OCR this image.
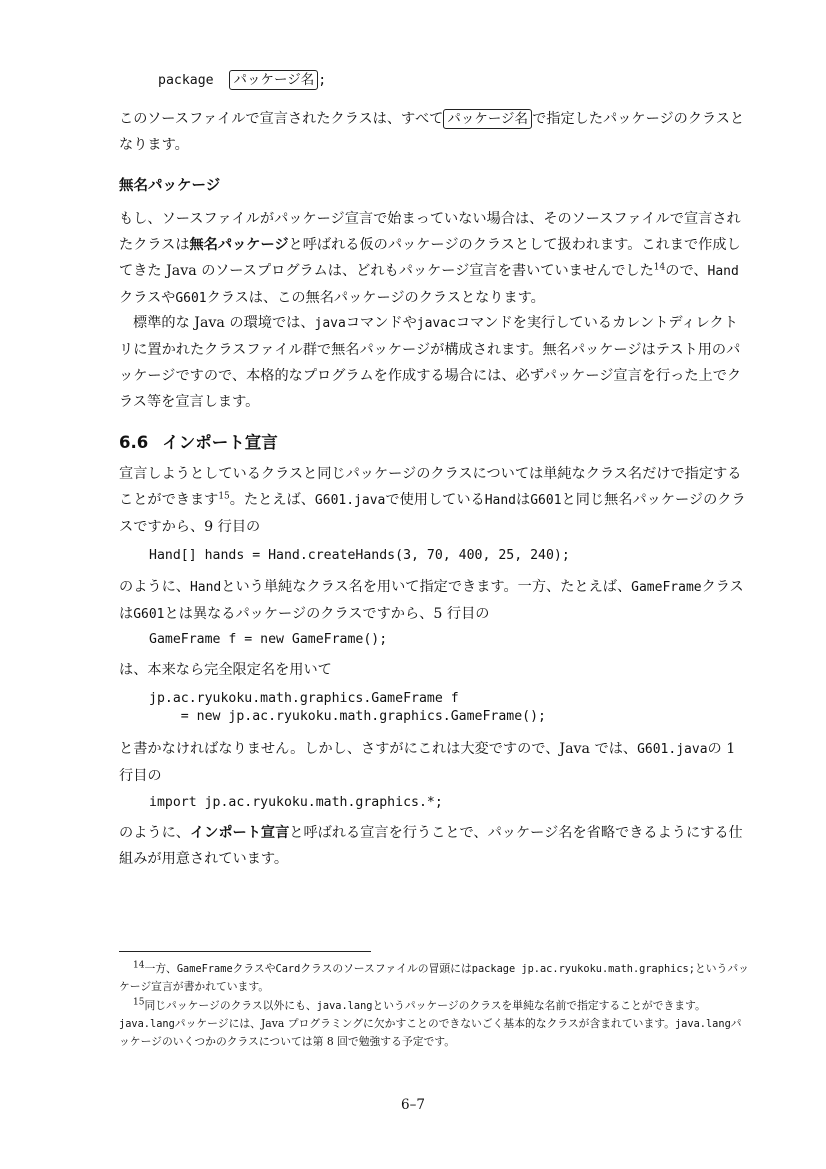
package パッケージ名 ;

このソースファイルで宣言されたクラスは、すべて パッケージ名 で指定したパッケージのクラスとなります。

無名パッケージ

もし、ソースファイルがパッケージ宣言で始まっていない場合は、そのソースファイルで宣言されたクラスは無名パッケージと呼ばれる仮のパッケージのクラスとして扱われます。これまで作成してきた Java のソースプログラムは、どれもパッケージ宣言を書いていませんでした$^{14}$ので、HandクラスやG601クラスは、この無名パッケージのクラスとなります。

標準的な Java の環境では、javaコマンドやjavacコマンドを実行しているカレントディレクトリに置かれたクラスファイル群で無名パッケージが構成されます。無名パッケージはテスト用のパッケージですので、本格的なプログラムを作成する場合には、必ずパッケージ宣言を行った上でクラス等を宣言します。

6.6 インポート宣言

宣言しようとしているクラスと同じパッケージのクラスについては単純なクラス名だけで指定することができます$^{15}$。たとえば、G601.javaで使用しているHandはG601と同じ無名パッケージのクラスですから、9 行目の

Hand[] hands = Hand.createHands(3, 70, 400, 25, 240);

のように、Handという単純なクラス名を用いて指定できます。一方、たとえば、GameFrameクラスはG601とは異なるパッケージのクラスですから、5 行目の

GameFrame f = new GameFrame();

は、本来なら完全限定名を用いて

jp.ac.ryukoku.math.graphics.GameFrame f

= new jp.ac.ryukoku.math.graphics.GameFrame();

と書かなければなりません。しかし、さすがにこれは大変ですので、Java では、G601.javaの 1 行目の

import jp.ac.ryukoku.math.graphics.*;

のように、インポート宣言と呼ばれる宣言を行うことで、パッケージ名を省略できるようにする仕組みが用意されています。

$^{14}$一方、GameFrameクラスやCardクラスのソースファイルの冒頭にはpackage jp.ac.ryukoku.math.graphics;というパッケージ宣言が書かれています。

$^{15}$同じパッケージのクラス以外にも、java.langというパッケージのクラスを単純な名前で指定することができます。java.langパッケージには、Java プログラミングに欠かすことのできないごく基本的なクラスが含まれています。java.langパッケージのいくつかのクラスについては第 8 回で勉強する予定です。

6–7
